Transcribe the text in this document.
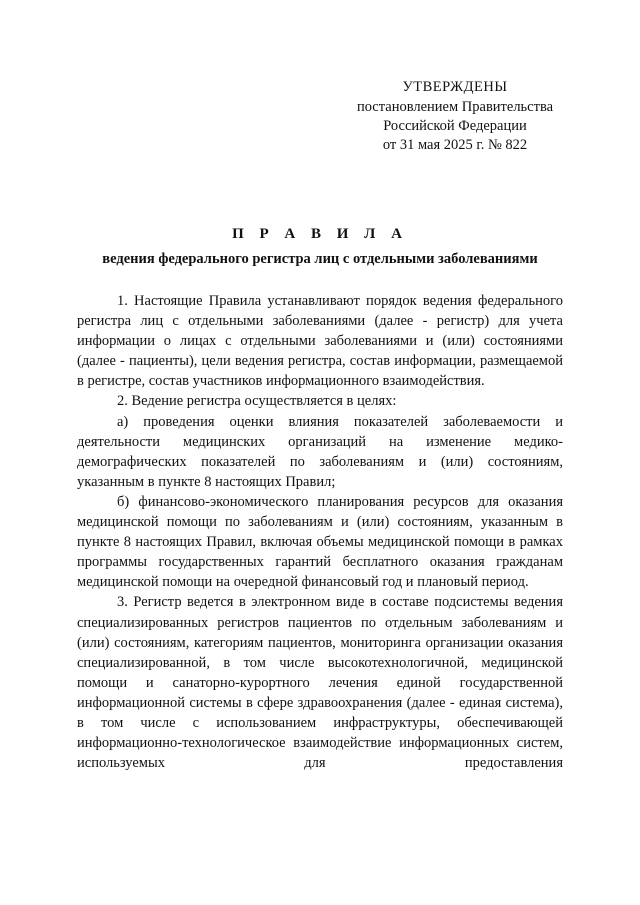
УТВЕРЖДЕНЫ
постановлением Правительства
Российской Федерации
от 31 мая 2025 г. № 822
П Р А В И Л А
ведения федерального регистра лиц с отдельными заболеваниями

1. Настоящие Правила устанавливают порядок ведения федерального регистра лиц с отдельными заболеваниями (далее - регистр) для учета информации о лицах с отдельными заболеваниями и (или) состояниями (далее - пациенты), цели ведения регистра, состав информации, размещаемой в регистре, состав участников информационного взаимодействия.

2. Ведение регистра осуществляется в целях:

а) проведения оценки влияния показателей заболеваемости и деятельности медицинских организаций на изменение медико-демографических показателей по заболеваниям и (или) состояниям, указанным в пункте 8 настоящих Правил;

б) финансово-экономического планирования ресурсов для оказания медицинской помощи по заболеваниям и (или) состояниям, указанным в пункте 8 настоящих Правил, включая объемы медицинской помощи в рамках программы государственных гарантий бесплатного оказания гражданам медицинской помощи на очередной финансовый год и плановый период.

3. Регистр ведется в электронном виде в составе подсистемы ведения специализированных регистров пациентов по отдельным заболеваниям и (или) состояниям, категориям пациентов, мониторинга организации оказания специализированной, в том числе высокотехнологичной, медицинской помощи и санаторно-курортного лечения единой государственной информационной системы в сфере здравоохранения (далее - единая система), в том числе с использованием инфраструктуры, обеспечивающей информационно-технологическое взаимодействие информационных систем, используемых для предоставления
